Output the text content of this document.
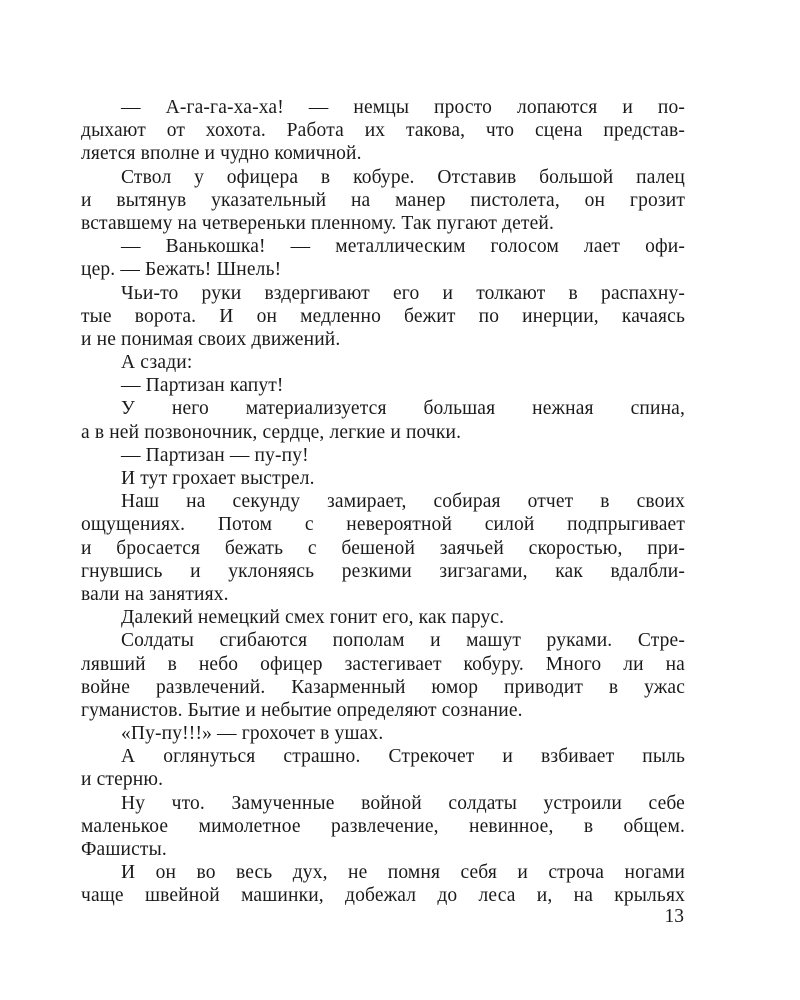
— А-га-га-ха-ха! — немцы просто лопаются и по-
дыхают от хохота. Работа их такова, что сцена представ-
ляется вполне и чудно комичной.
Ствол у офицера в кобуре. Отставив большой палец
и вытянув указательный на манер пистолета, он грозит
вставшему на четвереньки пленному. Так пугают детей.
— Ванькошка! — металлическим голосом лает офи-
цер. — Бежать! Шнель!
Чьи-то руки вздергивают его и толкают в распахну-
тые ворота. И он медленно бежит по инерции, качаясь
и не понимая своих движений.
А сзади:
— Партизан капут!
У него материализуется большая нежная спина,
а в ней позвоночник, сердце, легкие и почки.
— Партизан — пу-пу!
И тут грохает выстрел.
Наш на секунду замирает, собирая отчет в своих
ощущениях. Потом с невероятной силой подпрыгивает
и бросается бежать с бешеной заячьей скоростью, при-
гнувшись и уклоняясь резкими зигзагами, как вдалбли-
вали на занятиях.
Далекий немецкий смех гонит его, как парус.
Солдаты сгибаются пополам и машут руками. Стре-
лявший в небо офицер застегивает кобуру. Много ли на
войне развлечений. Казарменный юмор приводит в ужас
гуманистов. Бытие и небытие определяют сознание.
«Пу-пу!!!» — грохочет в ушах.
А оглянуться страшно. Стрекочет и взбивает пыль
и стерню.
Ну что. Замученные войной солдаты устроили себе
маленькое мимолетное развлечение, невинное, в общем.
Фашисты.
И он во весь дух, не помня себя и строча ногами
чаще швейной машинки, добежал до леса и, на крыльях
13
